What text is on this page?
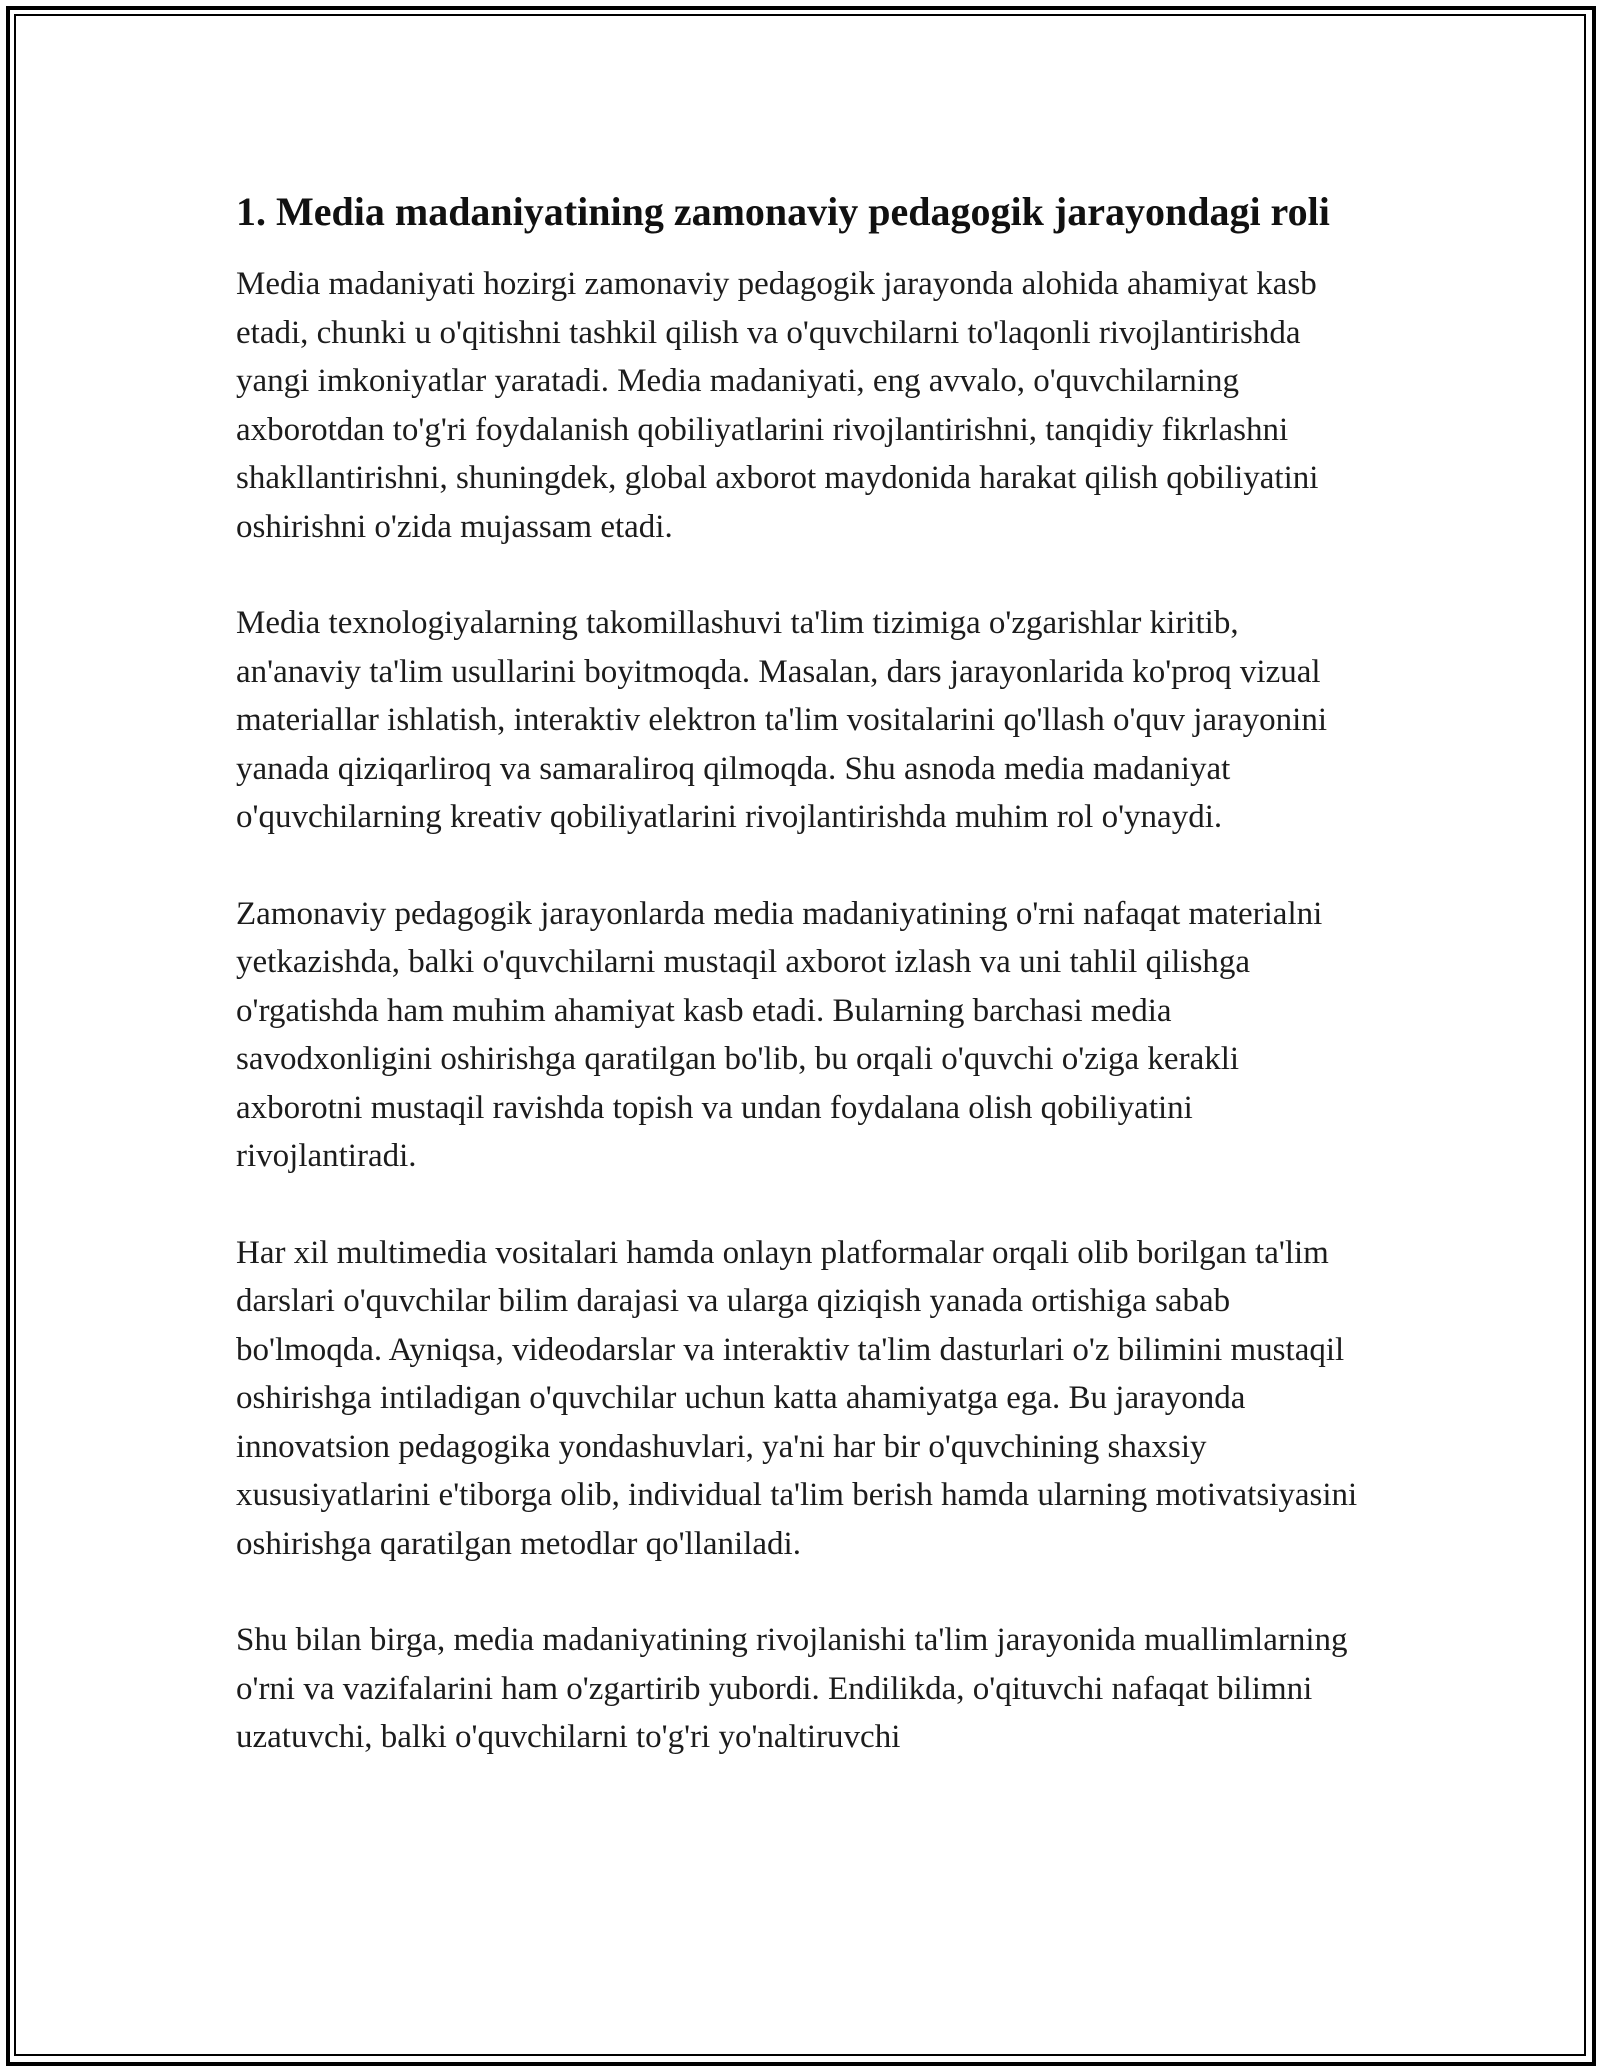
1. Media madaniyatining zamonaviy pedagogik jarayondagi roli

Media madaniyati hozirgi zamonaviy pedagogik jarayonda alohida ahamiyat kasb etadi, chunki u o'qitishni tashkil qilish va o'quvchilarni to'laqonli rivojlantirishda yangi imkoniyatlar yaratadi. Media madaniyati, eng avvalo, o'quvchilarning axborotdan to'g'ri foydalanish qobiliyatlarini rivojlantirishni, tanqidiy fikrlashni shakllantirishni, shuningdek, global axborot maydonida harakat qilish qobiliyatini oshirishni o'zida mujassam etadi.

Media texnologiyalarning takomillashuvi ta'lim tizimiga o'zgarishlar kiritib, an'anaviy ta'lim usullarini boyitmoqda. Masalan, dars jarayonlarida ko'proq vizual materiallar ishlatish, interaktiv elektron ta'lim vositalarini qo'llash o'quv jarayonini yanada qiziqarliroq va samaraliroq qilmoqda. Shu asnoda media madaniyat o'quvchilarning kreativ qobiliyatlarini rivojlantirishda muhim rol o'ynaydi.

Zamonaviy pedagogik jarayonlarda media madaniyatining o'rni nafaqat materialni yetkazishda, balki o'quvchilarni mustaqil axborot izlash va uni tahlil qilishga o'rgatishda ham muhim ahamiyat kasb etadi. Bularning barchasi media savodxonligini oshirishga qaratilgan bo'lib, bu orqali o'quvchi o'ziga kerakli axborotni mustaqil ravishda topish va undan foydalana olish qobiliyatini rivojlantiradi.

Har xil multimedia vositalari hamda onlayn platformalar orqali olib borilgan ta'lim darslari o'quvchilar bilim darajasi va ularga qiziqish yanada ortishiga sabab bo'lmoqda. Ayniqsa, videodarslar va interaktiv ta'lim dasturlari o'z bilimini mustaqil oshirishga intiladigan o'quvchilar uchun katta ahamiyatga ega. Bu jarayonda innovatsion pedagogika yondashuvlari, ya'ni har bir o'quvchining shaxsiy xususiyatlarini e'tiborga olib, individual ta'lim berish hamda ularning motivatsiyasini oshirishga qaratilgan metodlar qo'llaniladi.

Shu bilan birga, media madaniyatining rivojlanishi ta'lim jarayonida muallimlarning o'rni va vazifalarini ham o'zgartirib yubordi. Endilikda, o'qituvchi nafaqat bilimni uzatuvchi, balki o'quvchilarni to'g'ri yo'naltiruvchi
